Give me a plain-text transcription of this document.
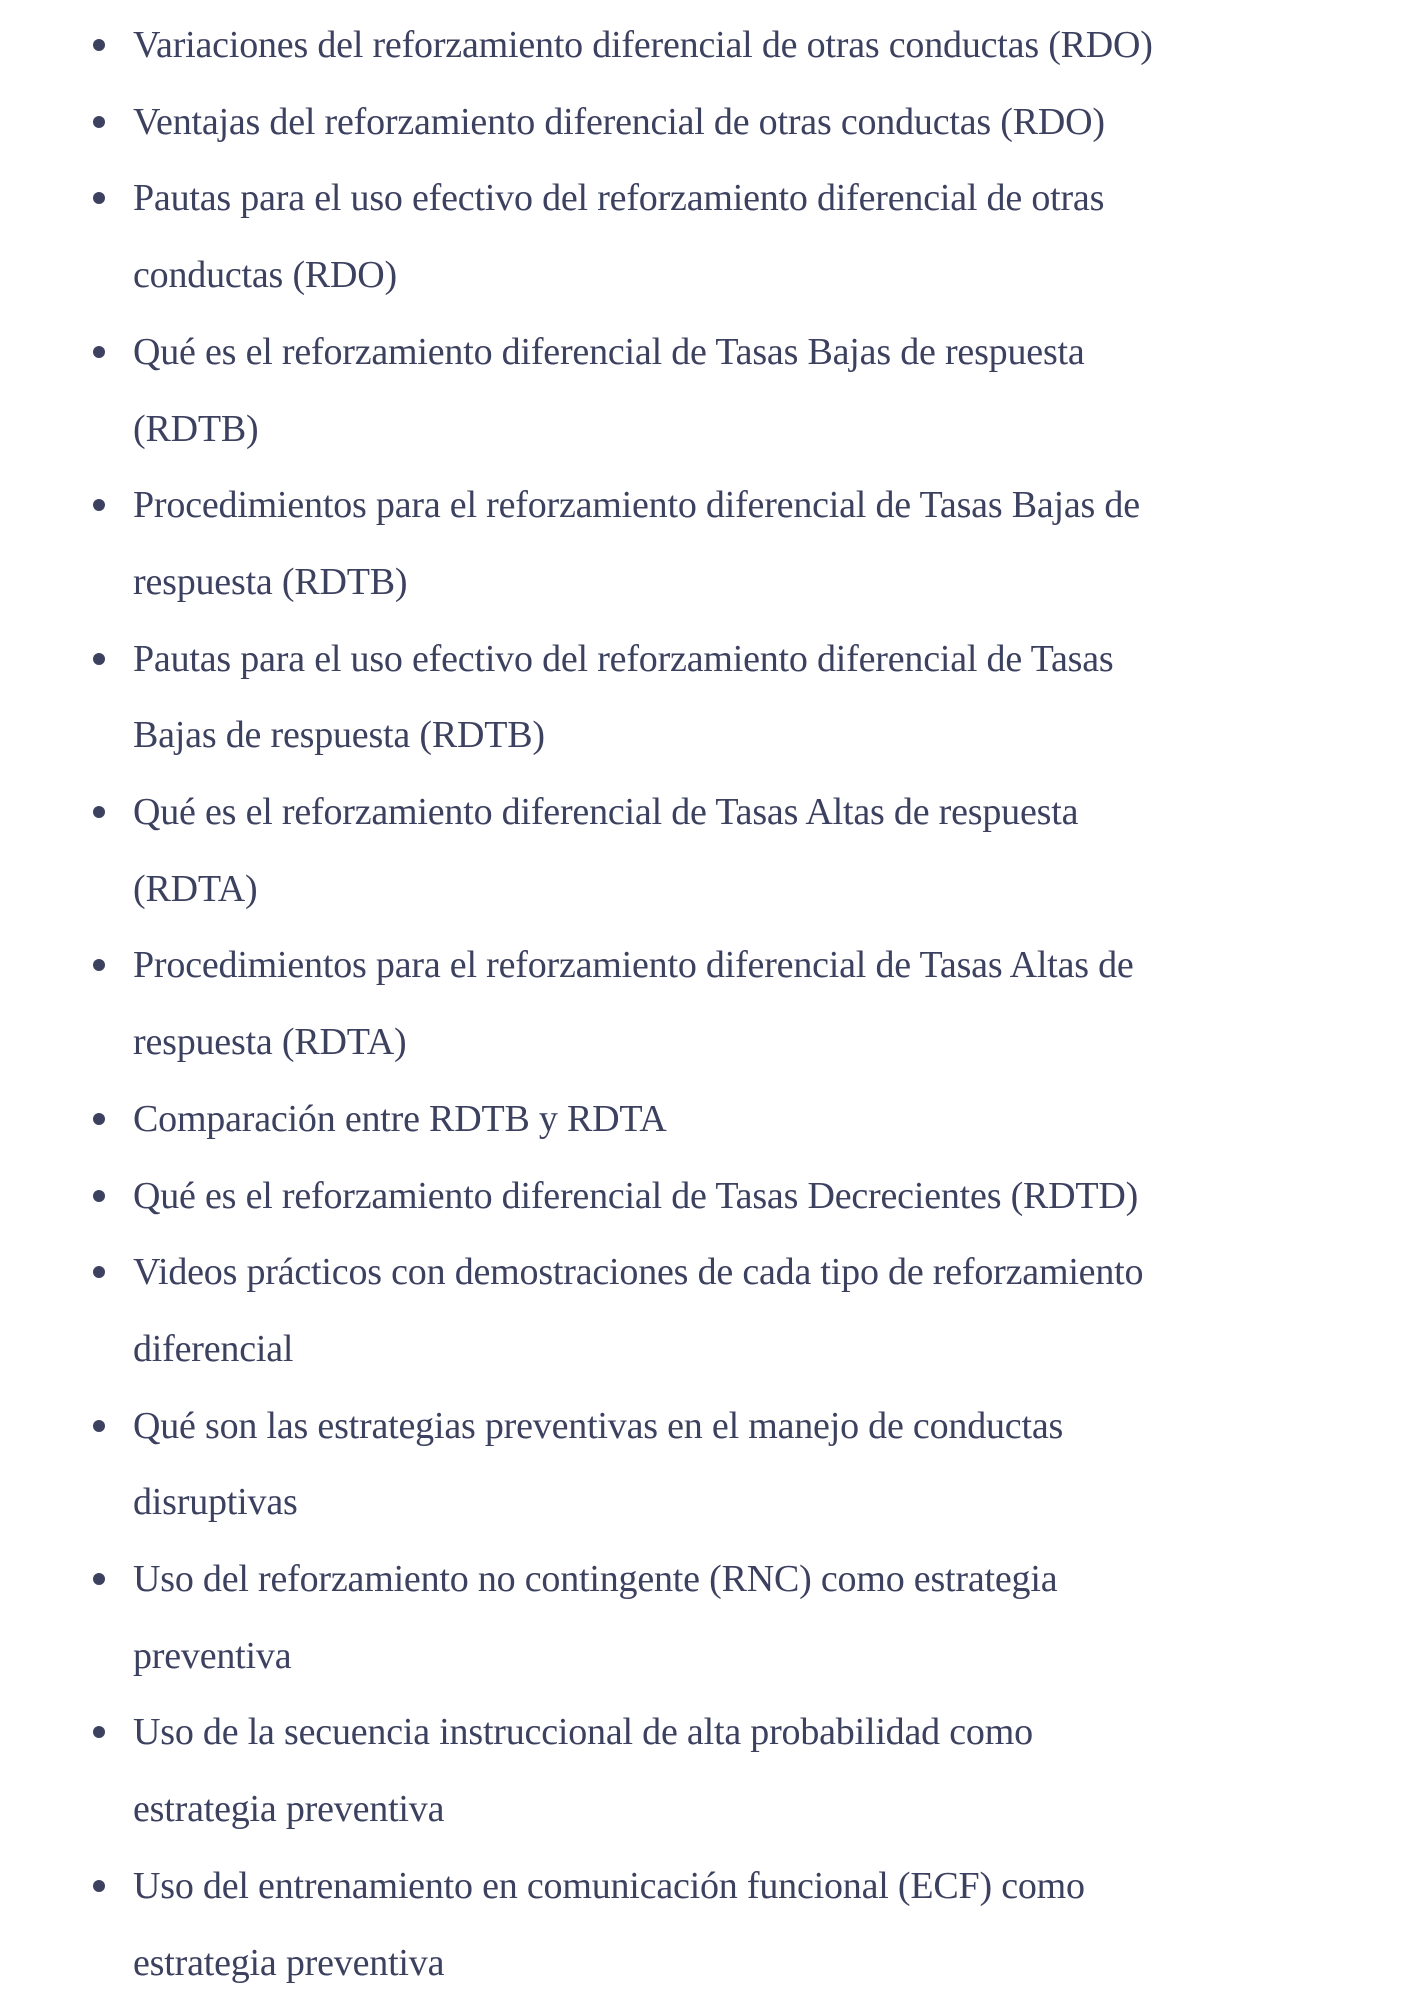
Variaciones del reforzamiento diferencial de otras conductas (RDO)
Ventajas del reforzamiento diferencial de otras conductas (RDO)
Pautas para el uso efectivo del reforzamiento diferencial de otras
conductas (RDO)
Qué es el reforzamiento diferencial de Tasas Bajas de respuesta
(RDTB)
Procedimientos para el reforzamiento diferencial de Tasas Bajas de
respuesta (RDTB)
Pautas para el uso efectivo del reforzamiento diferencial de Tasas
Bajas de respuesta (RDTB)
Qué es el reforzamiento diferencial de Tasas Altas de respuesta
(RDTA)
Procedimientos para el reforzamiento diferencial de Tasas Altas de
respuesta (RDTA)
Comparación entre RDTB y RDTA
Qué es el reforzamiento diferencial de Tasas Decrecientes (RDTD)
Videos prácticos con demostraciones de cada tipo de reforzamiento
diferencial
Qué son las estrategias preventivas en el manejo de conductas
disruptivas
Uso del reforzamiento no contingente (RNC) como estrategia
preventiva
Uso de la secuencia instruccional de alta probabilidad como
estrategia preventiva
Uso del entrenamiento en comunicación funcional (ECF) como
estrategia preventiva
